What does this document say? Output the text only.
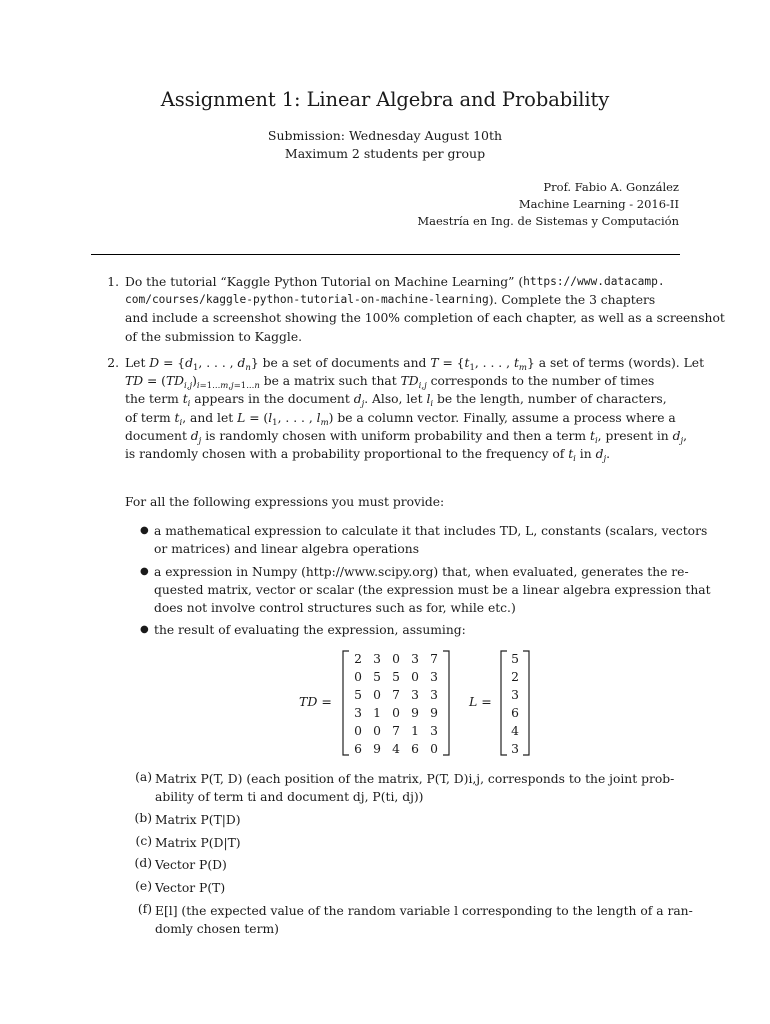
Assignment 1: Linear Algebra and Probability
Submission: Wednesday August 10th
Maximum 2 students per group
Prof. Fabio A. González
Machine Learning - 2016-II
Maestría en Ing. de Sistemas y Computación
1. Do the tutorial “Kaggle Python Tutorial on Machine Learning” ( https://www.datacamp.
com/courses/kaggle-python-tutorial-on-machine-learning ). Complete the 3 chapters
and include a screenshot showing the 100% completion of each chapter, as well as a screenshot
of the submission to Kaggle.
2. Let $D = \{d_1$, . . . , $d_n$} be a set of documents and $T = \{t_1$, . . . , $t_m$} a set of terms (words). Let
TD = $(TD_{i,j})_{i=1...m,j=1...n}$ be a matrix such that $TD_{i,j}$ corresponds to the number of times
the term $t_i$ appears in the document $d_j$. Also, let $l_i$ be the length, number of characters,
of term $t_i$, and let $L = (l_1$, . . . , $l_m$) be a column vector. Finally, assume a process where a
document $d_j$ is randomly chosen with uniform probability and then a term $t_i$, present in $d_j$,
is randomly chosen with a probability proportional to the frequency of $t_i$ in $d_j$.
For all the following expressions you must provide:
● a mathematical expression to calculate it that includes TD, L, constants (scalars, vectors
or matrices) and linear algebra operations
● a expression in Numpy (http://www.scipy.org) that, when evaluated, generates the re-
quested matrix, vector or scalar (the expression must be a linear algebra expression that
does not involve control structures such as for, while etc.)
● the result of evaluating the expression, assuming:
TD =
2 3 0 3 7
0 5 5 0 3
5 0 7 3 3
3 1 0 9 9
0 0 7 1 3
6 9 4 6 0
L =
5
2
3
6
4
3
(a) Matrix P(T, D) (each position of the matrix, P(T, D)i,j, corresponds to the joint prob-
ability of term ti and document dj, P(ti, dj))
(b) Matrix P(T|D)
(c) Matrix P(D|T)
(d) Vector P(D)
(e) Vector P(T)
(f) E[l] (the expected value of the random variable l corresponding to the length of a ran-
domly chosen term)
